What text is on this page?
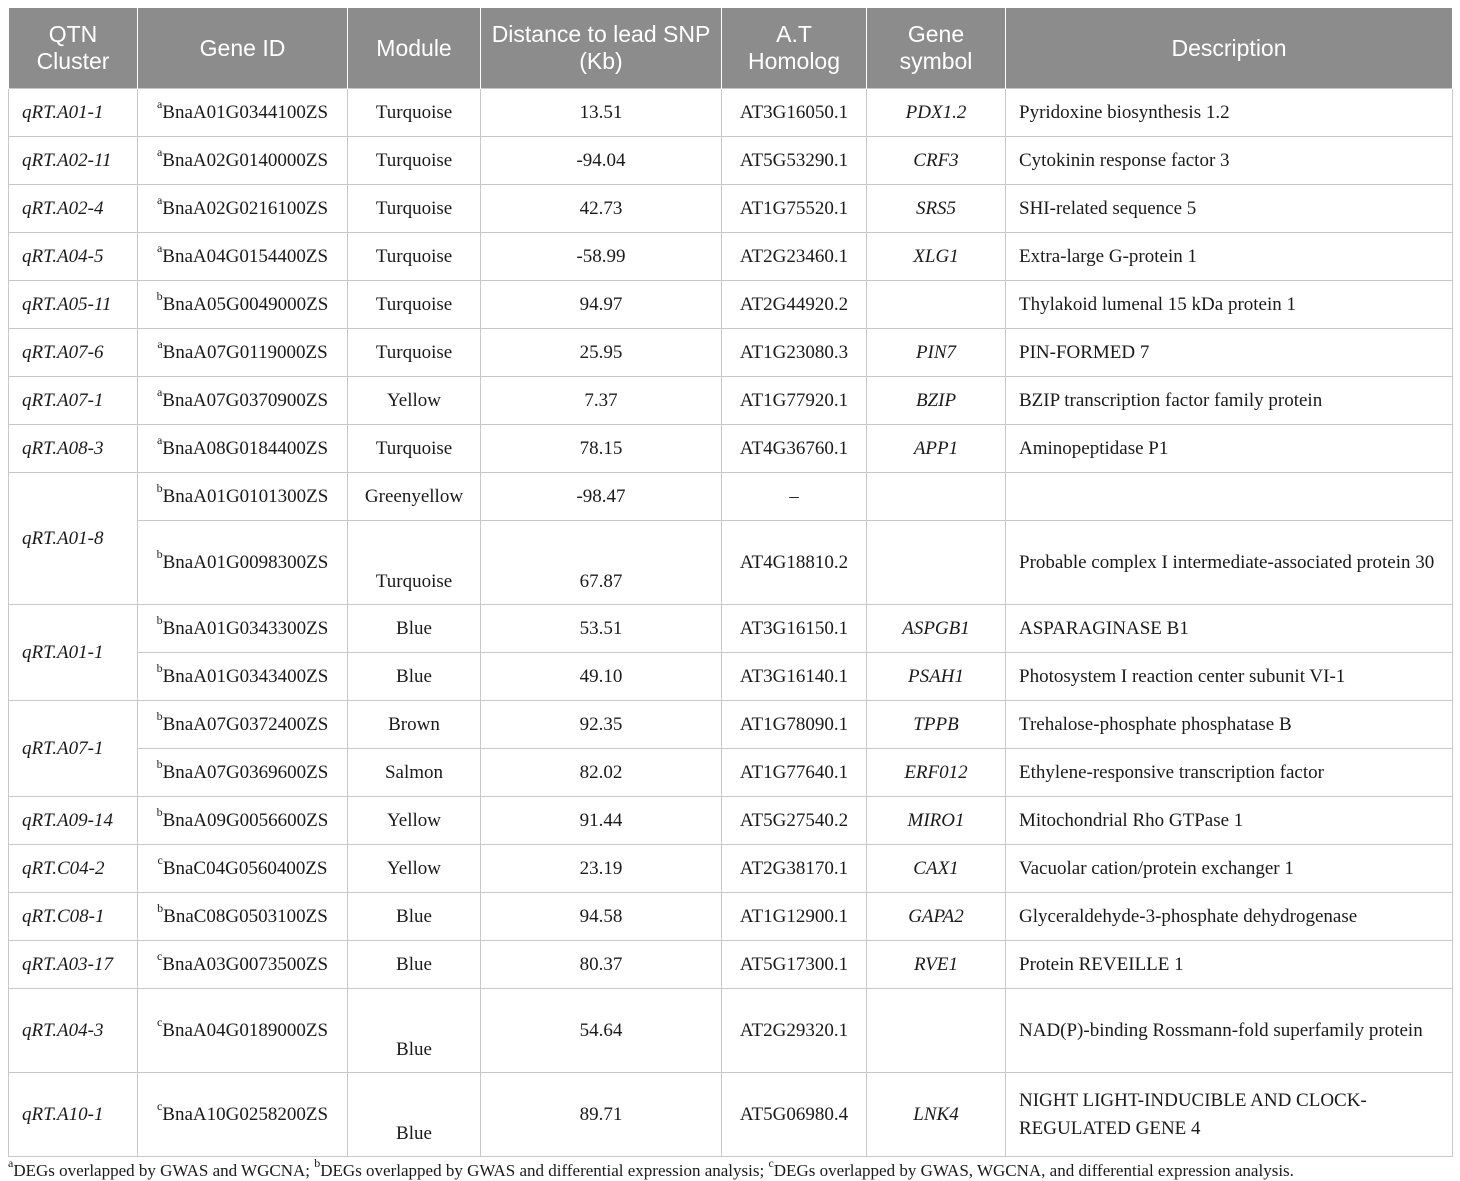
QTN Cluster	Gene ID	Module	Distance to lead SNP (Kb)	A.T Homolog	Gene symbol	Description
qRT.A01-1	$^a$BnaA01G0344100ZS	Turquoise	13.51	AT3G16050.1	PDX1.2	Pyridoxine biosynthesis 1.2
qRT.A02-11	$^a$BnaA02G0140000ZS	Turquoise	-94.04	AT5G53290.1	CRF3	Cytokinin response factor 3
qRT.A02-4	$^a$BnaA02G0216100ZS	Turquoise	42.73	AT1G75520.1	SRS5	SHI-related sequence 5
qRT.A04-5	$^a$BnaA04G0154400ZS	Turquoise	-58.99	AT2G23460.1	XLG1	Extra-large G-protein 1
qRT.A05-11	$^b$BnaA05G0049000ZS	Turquoise	94.97	AT2G44920.2		Thylakoid lumenal 15 kDa protein 1
qRT.A07-6	$^a$BnaA07G0119000ZS	Turquoise	25.95	AT1G23080.3	PIN7	PIN-FORMED 7
qRT.A07-1	$^a$BnaA07G0370900ZS	Yellow	7.37	AT1G77920.1	BZIP	BZIP transcription factor family protein
qRT.A08-3	$^a$BnaA08G0184400ZS	Turquoise	78.15	AT4G36760.1	APP1	Aminopeptidase P1
qRT.A01-8	$^b$BnaA01G0101300ZS	Greenyellow	-98.47	–		
	$^b$BnaA01G0098300ZS	Turquoise	67.87	AT4G18810.2		Probable complex I intermediate-associated protein 30
qRT.A01-1	$^b$BnaA01G0343300ZS	Blue	53.51	AT3G16150.1	ASPGB1	ASPARAGINASE B1
	$^b$BnaA01G0343400ZS	Blue	49.10	AT3G16140.1	PSAH1	Photosystem I reaction center subunit VI-1
qRT.A07-1	$^b$BnaA07G0372400ZS	Brown	92.35	AT1G78090.1	TPPB	Trehalose-phosphate phosphatase B
	$^b$BnaA07G0369600ZS	Salmon	82.02	AT1G77640.1	ERF012	Ethylene-responsive transcription factor
qRT.A09-14	$^b$BnaA09G0056600ZS	Yellow	91.44	AT5G27540.2	MIRO1	Mitochondrial Rho GTPase 1
qRT.C04-2	$^c$BnaC04G0560400ZS	Yellow	23.19	AT2G38170.1	CAX1	Vacuolar cation/protein exchanger 1
qRT.C08-1	$^b$BnaC08G0503100ZS	Blue	94.58	AT1G12900.1	GAPA2	Glyceraldehyde-3-phosphate dehydrogenase
qRT.A03-17	$^c$BnaA03G0073500ZS	Blue	80.37	AT5G17300.1	RVE1	Protein REVEILLE 1
qRT.A04-3	$^c$BnaA04G0189000ZS	Blue	54.64	AT2G29320.1		NAD(P)-binding Rossmann-fold superfamily protein
qRT.A10-1	$^c$BnaA10G0258200ZS	Blue	89.71	AT5G06980.4	LNK4	NIGHT LIGHT-INDUCIBLE AND CLOCK-REGULATED GENE 4
$^a$DEGs overlapped by GWAS and WGCNA; $^b$DEGs overlapped by GWAS and differential expression analysis; $^c$DEGs overlapped by GWAS, WGCNA, and differential expression analysis.
